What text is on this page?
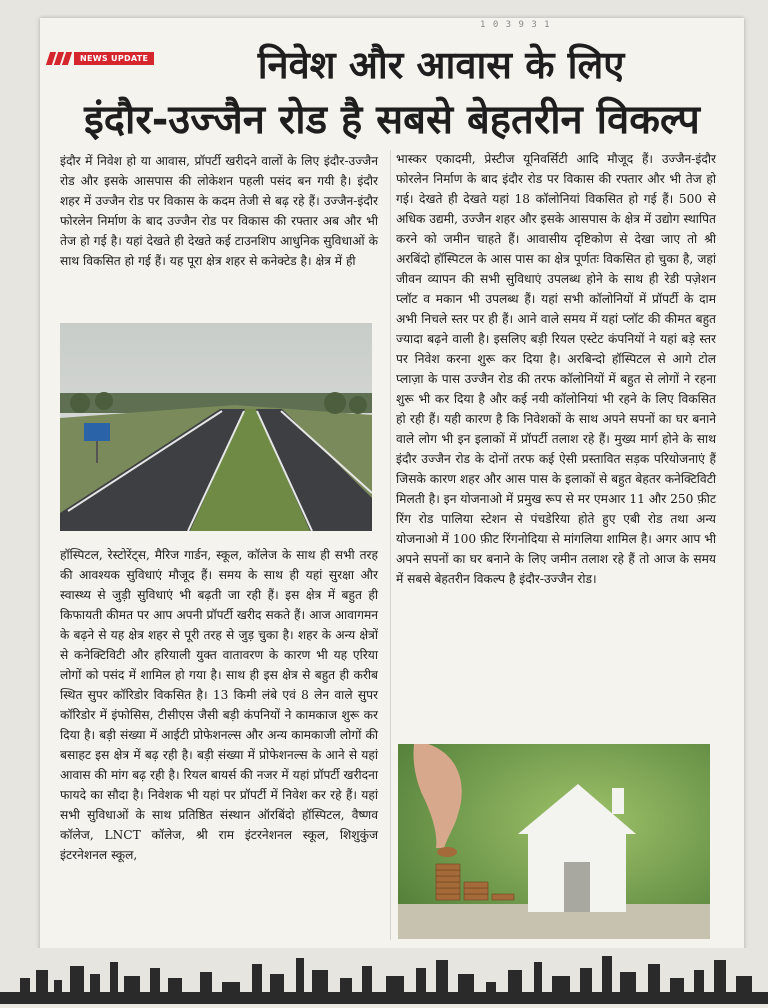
1 0 3 9 3 1
NEWS UPDATE	निवेश और आवास के लिए
इंदौर-उज्जैन रोड है सबसे बेहतरीन विकल्प

इंदौर में निवेश हो या आवास, प्रॉपर्टी खरीदने वालों के लिए इंदौर-उज्जैन रोड और इसके आसपास की लोकेशन पहली पसंद बन गयी है। इंदौर शहर में उज्जैन रोड पर विकास के कदम तेजी से बढ़ रहे हैं। उज्जैन-इंदौर फोरलेन निर्माण के बाद उज्जैन रोड पर विकास की रफ्तार अब और भी तेज हो गई है। यहां देखते ही देखते कई टाउनशिप आधुनिक सुविधाओं के साथ विकसित हो गई हैं। यह पूरा क्षेत्र शहर से कनेक्टेड है। क्षेत्र में ही

हॉस्पिटल, रेस्टोरेंट्स, मैरिज गार्डन, स्कूल, कॉलेज के साथ ही सभी तरह की आवश्यक सुविधाएं मौजूद हैं। समय के साथ ही यहां सुरक्षा और स्वास्थ्य से जुड़ी सुविधाएं भी बढ़ती जा रही हैं। इस क्षेत्र में बहुत ही किफायती कीमत पर आप अपनी प्रॉपर्टी खरीद सकते हैं। आज आवागमन के बढ़ने से यह क्षेत्र शहर से पूरी तरह से जुड़ चुका है। शहर के अन्य क्षेत्रों से कनेक्टिविटी और हरियाली युक्त वातावरण के कारण भी यह एरिया लोगों को पसंद में शामिल हो गया है। साथ ही इस क्षेत्र से बहुत ही करीब स्थित सुपर कॉरिडोर विकसित है। 13 किमी लंबे एवं 8 लेन वाले सुपर कॉरिडोर में इंफोसिस, टीसीएस जैसी बड़ी कंपनियों ने कामकाज शुरू कर दिया है। बड़ी संख्या में आईटी प्रोफेशनल्स और अन्य कामकाजी लोगों की बसाहट इस क्षेत्र में बढ़ रही है। बड़ी संख्या में प्रोफेशनल्स के आने से यहां आवास की मांग बढ़ रही है। रियल बायर्स की नजर में यहां प्रॉपर्टी खरीदना फायदे का सौदा है। निवेशक भी यहां पर प्रॉपर्टी में निवेश कर रहे हैं। यहां सभी सुविधाओं के साथ प्रतिष्ठित संस्थान ऑरबिंदो हॉस्पिटल, वैष्णव कॉलेज, LNCT कॉलेज, श्री राम इंटरनेशनल स्कूल, शिशुकुंज इंटरनेशनल स्कूल,

भास्कर एकादमी, प्रेस्टीज यूनिवर्सिटी आदि मौजूद हैं। उज्जैन-इंदौर फोरलेन निर्माण के बाद इंदौर रोड पर विकास की रफ्तार और भी तेज हो गई। देखते ही देखते यहां 18 कॉलोनियां विकसित हो गई हैं। 500 से अधिक उद्यमी, उज्जैन शहर और इसके आसपास के क्षेत्र में उद्योग स्थापित करने को जमीन चाहते हैं। आवासीय दृष्टिकोण से देखा जाए तो श्री अरबिंदो हॉस्पिटल के आस पास का क्षेत्र पूर्णतः विकसित हो चुका है, जहां जीवन व्यापन की सभी सुविधाएं उपलब्ध होने के साथ ही रेडी पज़ेशन प्लॉट व मकान भी उपलब्ध हैं। यहां सभी कॉलोनियों में प्रॉपर्टी के दाम अभी निचले स्तर पर ही हैं। आने वाले समय में यहां प्लॉट की कीमत बहुत ज्यादा बढ़ने वाली है। इसलिए बड़ी रियल एस्टेट कंपनियों ने यहां बड़े स्तर पर निवेश करना शुरू कर दिया है। अरबिन्दो हॉस्पिटल से आगे टोल प्लाज़ा के पास उज्जैन रोड की तरफ कॉलोनियों में बहुत से लोगों ने रहना शुरू भी कर दिया है और कई नयी कॉलोनियां भी रहने के लिए विकसित हो रही हैं। यही कारण है कि निवेशकों के साथ अपने सपनों का घर बनाने वाले लोग भी इन इलाकों में प्रॉपर्टी तलाश रहे हैं। मुख्य मार्ग होने के साथ इंदौर उज्जैन रोड के दोनों तरफ कई ऐसी प्रस्तावित सड़क परियोजनाएं हैं जिसके कारण शहर और आस पास के इलाकों से बहुत बेहतर कनेक्टिविटी मिलती है। इन योजनाओ में प्रमुख रूप से मर एमआर 11 और 250 फ़ीट रिंग रोड पालिया स्टेशन से पंचडेरिया होते हुए एबी रोड तथा अन्य योजनाओ में 100 फ़ीट रिंगनोदिया से मांगलिया शामिल है। अगर आप भी अपने सपनों का घर बनाने के लिए जमीन तलाश रहे हैं तो आज के समय में सबसे बेहतरीन विकल्प है इंदौर-उज्जैन रोड।
